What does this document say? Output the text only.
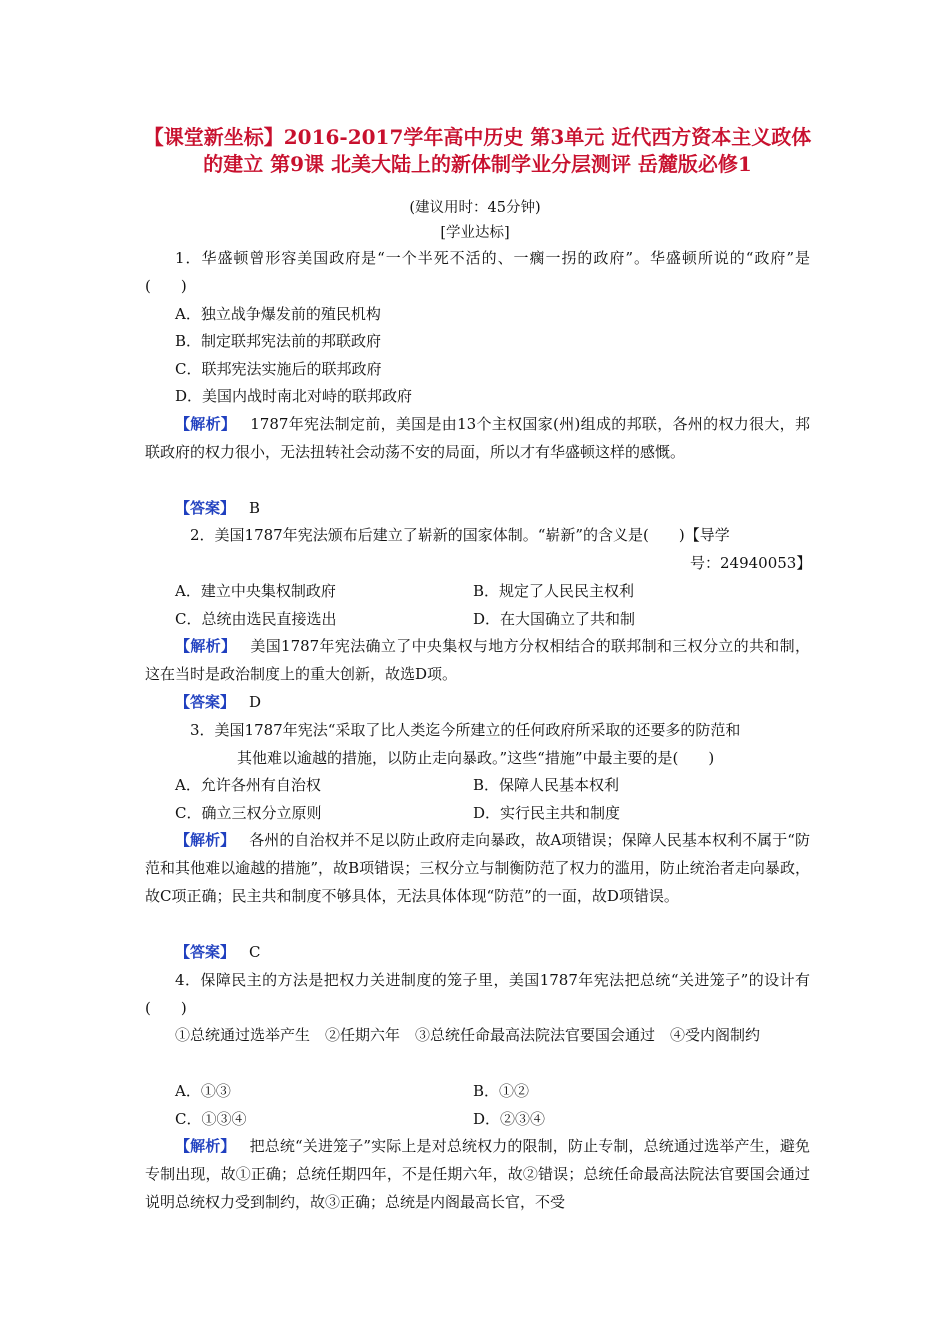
【课堂新坐标】2016-2017学年高中历史 第3单元 近代西方资本主义政体的建立 第9课 北美大陆上的新体制学业分层测评 岳麓版必修1
(建议用时：45分钟)
[学业达标]
1．华盛顿曾形容美国政府是“一个半死不活的、一瘸一拐的政府”。华盛顿所说的“政府”是(　　)
A．独立战争爆发前的殖民机构
B．制定联邦宪法前的邦联政府
C．联邦宪法实施后的联邦政府
D．美国内战时南北对峙的联邦政府
【解析】 1787年宪法制定前，美国是由13个主权国家(州)组成的邦联，各州的权力很大，邦联政府的权力很小，无法扭转社会动荡不安的局面，所以才有华盛顿这样的感慨。
【答案】 B
2．美国1787年宪法颁布后建立了崭新的国家体制。“崭新”的含义是(　　)【导学
号：24940053】
A．建立中央集权制政府	B．规定了人民民主权利
C．总统由选民直接选出	D．在大国确立了共和制
【解析】 美国1787年宪法确立了中央集权与地方分权相结合的联邦制和三权分立的共和制，这在当时是政治制度上的重大创新，故选D项。
【答案】 D
3．美国1787年宪法“采取了比人类迄今所建立的任何政府所采取的还要多的防范和
其他难以逾越的措施，以防止走向暴政。”这些“措施”中最主要的是(　　)
A．允许各州有自治权	B．保障人民基本权利
C．确立三权分立原则	D．实行民主共和制度
【解析】 各州的自治权并不足以防止政府走向暴政，故A项错误；保障人民基本权利不属于“防范和其他难以逾越的措施”，故B项错误；三权分立与制衡防范了权力的滥用，防止统治者走向暴政，故C项正确；民主共和制度不够具体，无法具体体现“防范”的一面，故D项错误。
【答案】 C
4．保障民主的方法是把权力关进制度的笼子里，美国1787年宪法把总统“关进笼子”的设计有(　　)
①总统通过选举产生　②任期六年　③总统任命最高法院法官要国会通过　④受内阁制约
A．①③	B．①②
C．①③④	D．②③④
【解析】 把总统“关进笼子”实际上是对总统权力的限制，防止专制，总统通过选举产生，避免专制出现，故①正确；总统任期四年，不是任期六年，故②错误；总统任命最高法院法官要国会通过说明总统权力受到制约，故③正确；总统是内阁最高长官，不受
